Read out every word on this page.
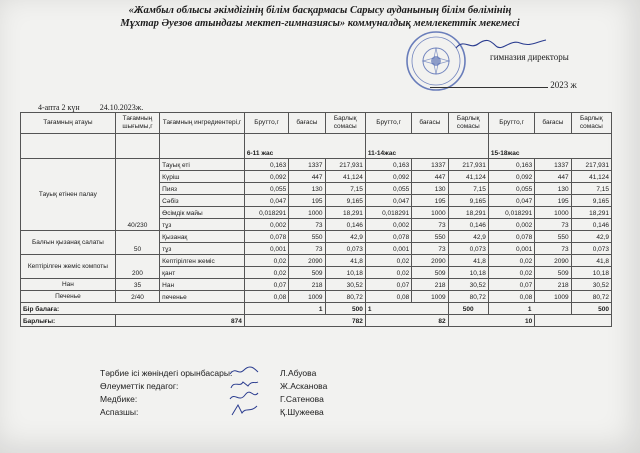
«Жамбыл облысы әкімдігінің білім басқармасы Сарысу ауданының білім бөлімінің
Мұхтар Әуезов атындағы мектеп-гимназиясы» коммуналдық мемлекеттік мекемесі
гимназия директоры
2023 ж
4-апта 2 күн	24.10.2023ж.
Тағамның атауы	Тағамның шығымы,г	Тағамның ингредиентері,г	Брутто,г	бағасы	Барлық сомасы	Брутто,г	бағасы	Барлық сомасы	Брутто,г	бағасы	Барлық сомасы
			6-11 жас			11-14жас			15-18жас		
Тауық етінен палау	40/230	Тауық еті	0,163	1337	217,931	0,163	1337	217,931	0,163	1337	217,931
		Күріш	0,092	447	41,124	0,092	447	41,124	0,092	447	41,124
		Пияз	0,055	130	7,15	0,055	130	7,15	0,055	130	7,15
		Сәбіз	0,047	195	9,165	0,047	195	9,165	0,047	195	9,165
		Өсімдік майы	0,018291	1000	18,291	0,018291	1000	18,291	0,018291	1000	18,291
		тұз	0,002	73	0,146	0,002	73	0,146	0,002	73	0,146
Балғын қызанақ салаты	50	Қызанақ	0,078	550	42,9	0,078	550	42,9	0,078	550	42,9
		тұз	0,001	73	0,073	0,001	73	0,073	0,001	73	0,073
Кептірілген жеміс компоты	200	Кептірілген жеміс	0,02	2090	41,8	0,02	2090	41,8	0,02	2090	41,8
		қант	0,02	509	10,18	0,02	509	10,18	0,02	509	10,18
Нан	35	Нан	0,07	218	30,52	0,07	218	30,52	0,07	218	30,52
Печенье	2/40	печенье	0,08	1009	80,72	0,08	1009	80,72	0,08	1009	80,72
Бір балаға:			1		500	1		500	1		500
Барлығы:	874		782			82		10			
Тәрбие ісі жөніндегі орынбасары:	Л.Абуова
Өлеуметтік педагог:	Ж.Асканова
Медбике:	Г.Сатенова
Аспазшы:	Қ.Шужеева
